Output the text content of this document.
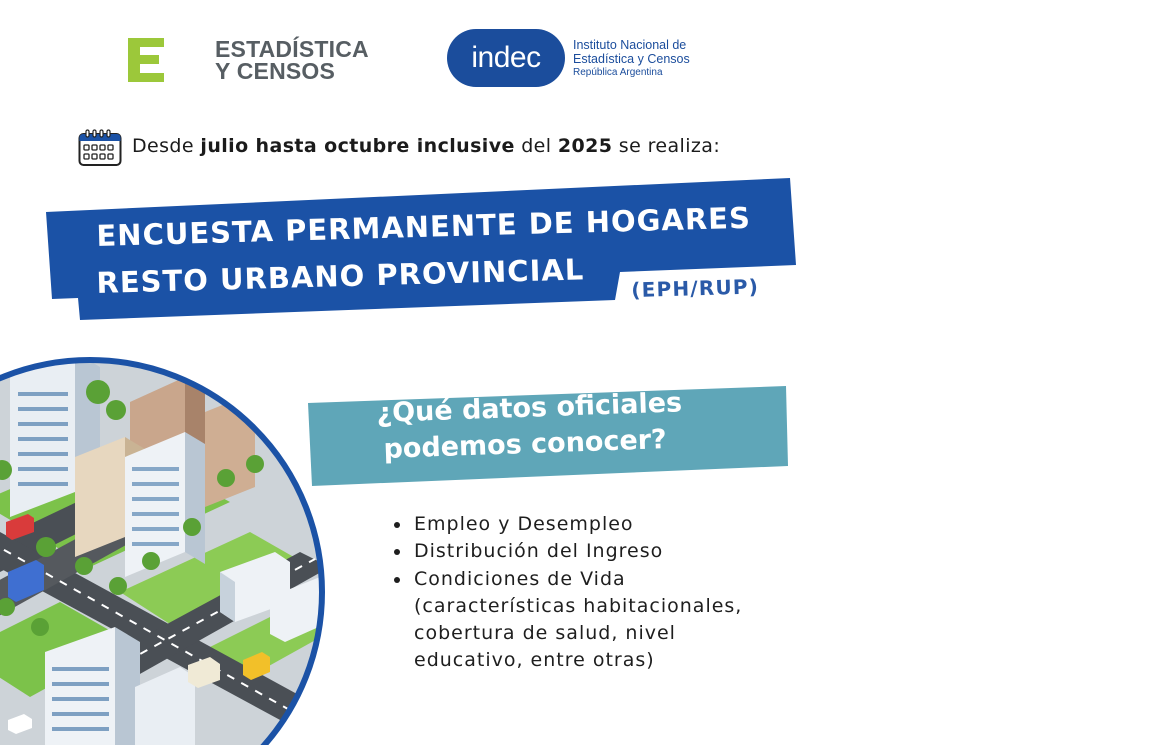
ESTADÍSTICA
Y CENSOS	indec	Instituto Nacional de
Estadística y Censos
República Argentina
Desde julio hasta octubre inclusive del 2025 se realiza:
ENCUESTA PERMANENTE DE HOGARES
RESTO URBANO PROVINCIAL (EPH/RUP)
¿Qué datos oficiales
podemos conocer?
• Empleo y Desempleo
• Distribución del Ingreso
• Condiciones de Vida
(características habitacionales,
cobertura de salud, nivel
educativo, entre otras)
